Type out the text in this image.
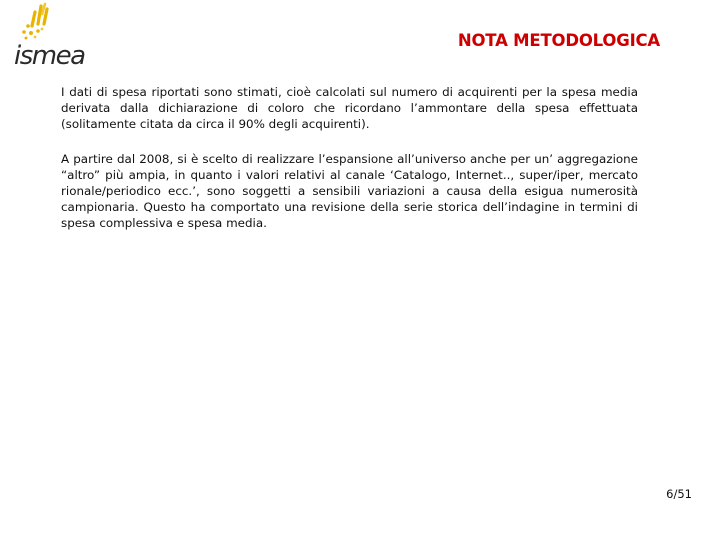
ismea
NOTA METODOLOGICA

I dati di spesa riportati sono stimati, cioè calcolati sul numero di acquirenti per la spesa media derivata dalla dichiarazione di coloro che ricordano l’ammontare della spesa effettuata (solitamente citata da circa il 90% degli acquirenti).

A partire dal 2008, si è scelto di realizzare l’espansione all’universo anche per un’ aggregazione “altro” più ampia, in quanto i valori relativi al canale ‘Catalogo, Internet.., super/iper, mercato rionale/periodico ecc.’, sono soggetti a sensibili variazioni a causa della esigua numerosità campionaria. Questo ha comportato una revisione della serie storica dell’indagine in termini di spesa complessiva e spesa media.

6/51
